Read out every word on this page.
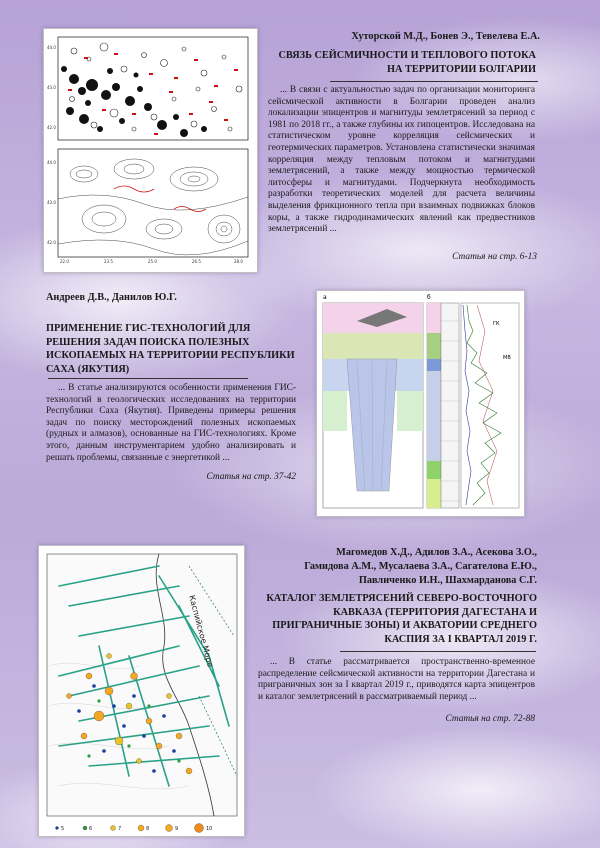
44.0
43.0
42.0
44.0
43.0
42.0
22.0	23.5	25.0	26.5	28.0
Хуторской М.Д., Бонев Э., Тевелева Е.А.
СВЯЗЬ СЕЙСМИЧНОСТИ И ТЕПЛОВОГО ПОТОКА НА ТЕРРИТОРИИ БОЛГАРИИ
... В связи с актуальностью задач по организации мониторинга сейсмической активности в Болгарии проведен анализ локализации эпицентров и магнитуды землетрясений за период с 1981 по 2018 гг., а также глубины их гипоцентров. Исследована на статистическом уровне корреляция сейсмических и геотермических параметров. Установлена статистически значимая корреляция между тепловым потоком и магнитудами землетрясений, а также между мощностью термической литосферы и магнитудами. Подчеркнута необходимость разработки теоретических моделей для расчета величины выделения фрикционного тепла при взаимных подвижках блоков коры, а также гидродинамических явлений как предвестников землетрясений ...
Статья на стр. 6-13
а	б
ГК
МВ
Андреев Д.В., Данилов Ю.Г.
ПРИМЕНЕНИЕ ГИС-ТЕХНОЛОГИЙ ДЛЯ РЕШЕНИЯ ЗАДАЧ ПОИСКА ПОЛЕЗНЫХ ИСКОПАЕМЫХ НА ТЕРРИТОРИИ РЕСПУБЛИКИ САХА (ЯКУТИЯ)
... В статье анализируются особенности применения ГИС-технологий в геологических исследованиях на территории Республики Саха (Якутия). Приведены примеры решения задач по поиску месторождений полезных ископаемых (рудных и алмазов), основанные на ГИС-технологиях. Кроме этого, данным инструментарием удобно анализировать и решать проблемы, связанные с энергетикой ...
Статья на стр. 37-42
Каспийское Море
5	6	7	8	9	10
Магомедов Х.Д., Адилов З.А., Асекова З.О.,
Гамидова А.М., Мусалаева З.А., Сагателова Е.Ю.,
Павличенко И.Н., Шахмарданова С.Г.
КАТАЛОГ ЗЕМЛЕТРЯСЕНИЙ СЕВЕРО-ВОСТОЧНОГО КАВКАЗА (ТЕРРИТОРИЯ ДАГЕСТАНА И ПРИГРАНИЧНЫЕ ЗОНЫ) И АКВАТОРИИ СРЕДНЕГО КАСПИЯ ЗА I КВАРТАЛ 2019 Г.
... В статье рассматривается пространственно-временное распределение сейсмической активности на территории Дагестана и приграничных зон за I квартал 2019 г., приводятся карта эпицентров и каталог землетрясений в рассматриваемый период ...
Статья на стр. 72-88
